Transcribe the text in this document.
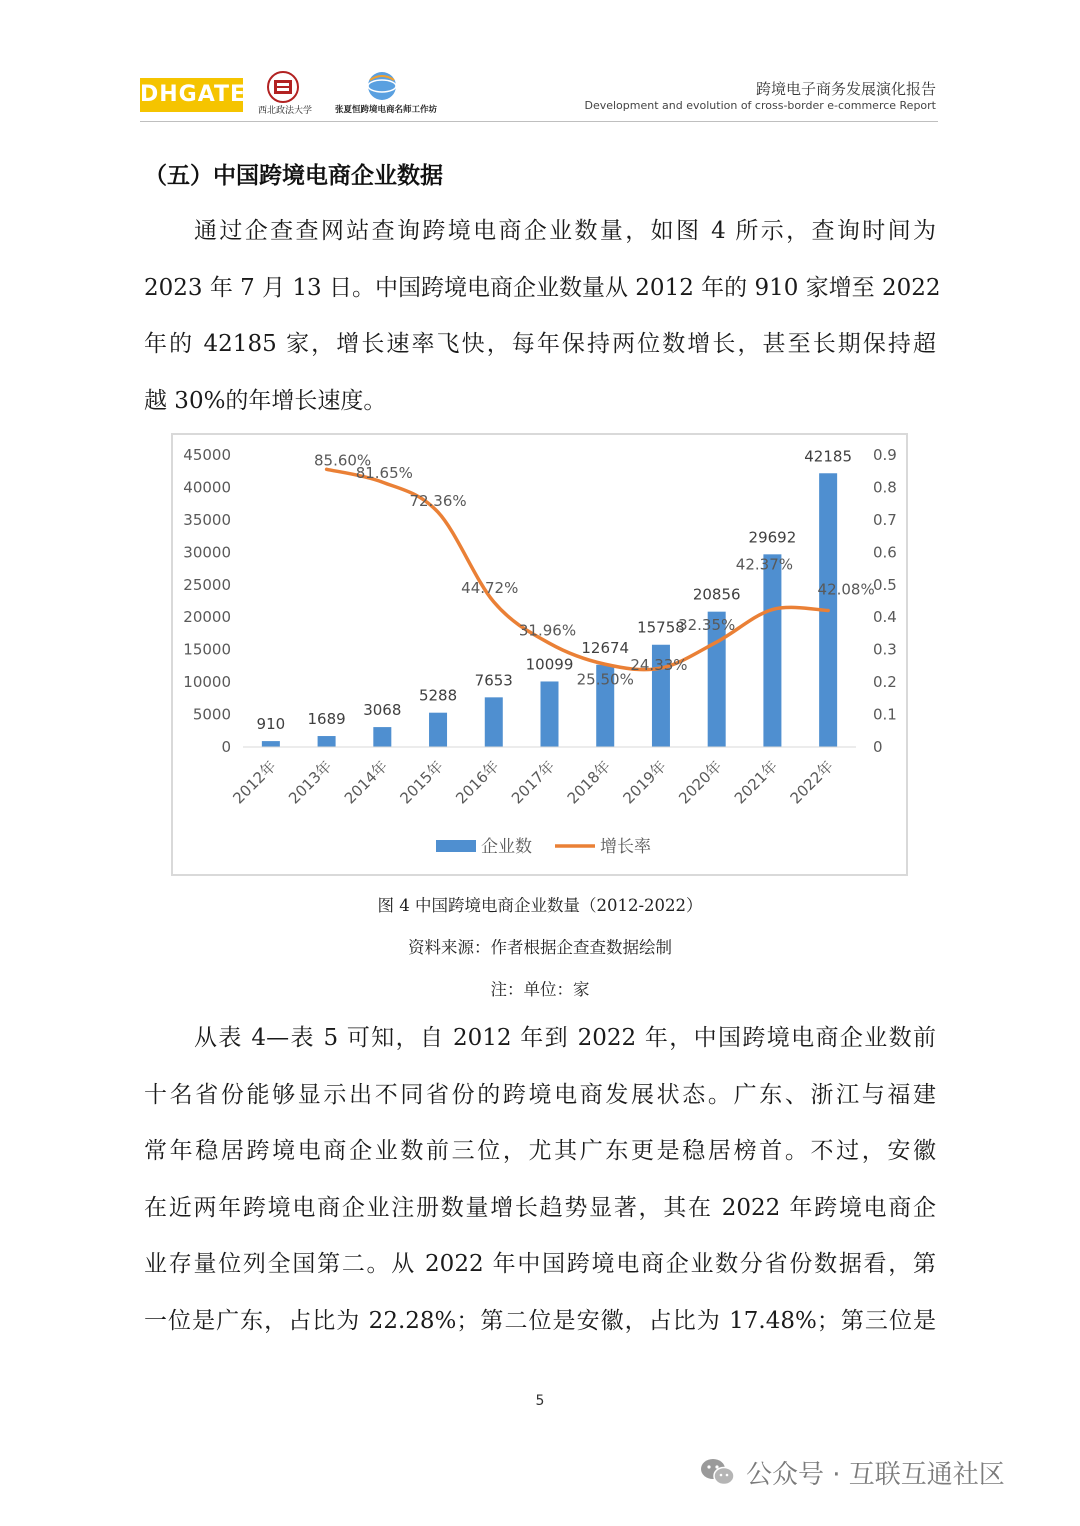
DHGATE
西北政法大学	张夏恒跨境电商名师工作坊
跨境电子商务发展演化报告
Development and evolution of cross-border e-commerce Report
（五）中国跨境电商企业数据
通过企查查网站查询跨境电商企业数量，如图 4 所示，查询时间为
2023 年 7 月 13 日。中国跨境电商企业数量从 2012 年的 910 家增至 2022
年的 42185 家，增长速率飞快，每年保持两位数增长，甚至长期保持超
越 30%的年增长速度。
0
5000
10000
15000
20000
25000
30000
35000
40000
45000
0
0.1
0.2
0.3
0.4
0.5
0.6
0.7
0.8
0.9
910 1689 3068
5288
7653
10099
12674
15758
20856
29692
42185
85.60%
81.65%
72.36%
44.72%
31.96%
25.50%
24.33%
32.35%
42.37%
42.08%
2012年 2013年 2014年 2015年 2016年 2017年 2018年 2019年 2020年 2021年 2022年
企业数	增长率
图 4 中国跨境电商企业数量（2012-2022）
资料来源：作者根据企查查数据绘制
注：单位：家
从表 4—表 5 可知，自 2012 年到 2022 年，中国跨境电商企业数前
十名省份能够显示出不同省份的跨境电商发展状态。广东、浙江与福建
常年稳居跨境电商企业数前三位，尤其广东更是稳居榜首。不过，安徽
在近两年跨境电商企业注册数量增长趋势显著，其在 2022 年跨境电商企
业存量位列全国第二。从 2022 年中国跨境电商企业数分省份数据看，第
一位是广东，占比为 22.28%；第二位是安徽，占比为 17.48%；第三位是
5
公众号 · 互联互通社区
